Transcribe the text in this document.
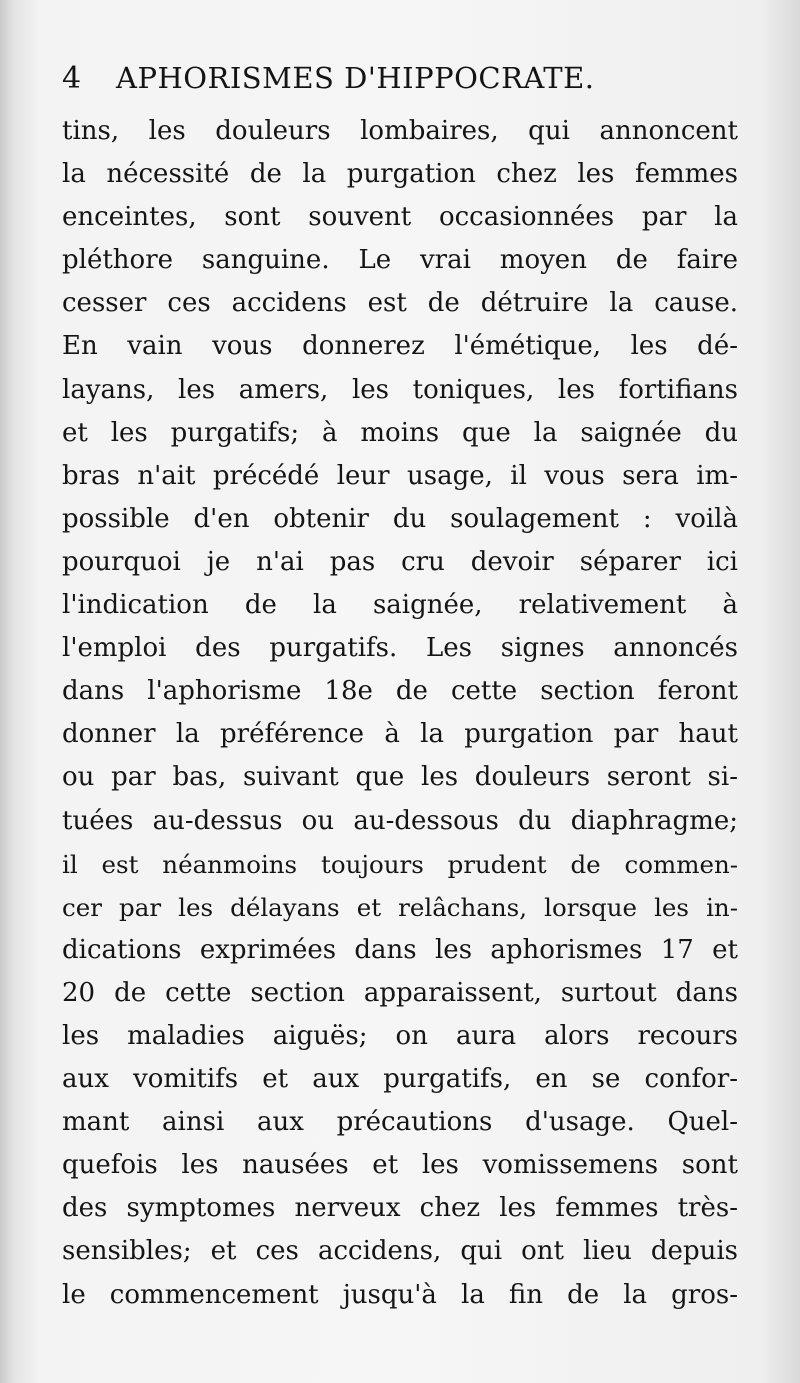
4 APHORISMES D'HIPPOCRATE.
tins, les douleurs lombaires, qui annoncent
la nécessité de la purgation chez les femmes
enceintes, sont souvent occasionnées par la
pléthore sanguine. Le vrai moyen de faire
cesser ces accidens est de détruire la cause.
En vain vous donnerez l'émétique, les dé-
layans, les amers, les toniques, les fortifians
et les purgatifs; à moins que la saignée du
bras n'ait précédé leur usage, il vous sera im-
possible d'en obtenir du soulagement : voilà
pourquoi je n'ai pas cru devoir séparer ici
l'indication de la saignée, relativement à
l'emploi des purgatifs. Les signes annoncés
dans l'aphorisme 18e de cette section feront
donner la préférence à la purgation par haut
ou par bas, suivant que les douleurs seront si-
tuées au-dessus ou au-dessous du diaphragme;
il est néanmoins toujours prudent de commen-
cer par les délayans et relâchans, lorsque les in-
dications exprimées dans les aphorismes 17 et
20 de cette section apparaissent, surtout dans
les maladies aiguës; on aura alors recours
aux vomitifs et aux purgatifs, en se confor-
mant ainsi aux précautions d'usage. Quel-
quefois les nausées et les vomissemens sont
des symptomes nerveux chez les femmes très-
sensibles; et ces accidens, qui ont lieu depuis
le commencement jusqu'à la fin de la gros-
